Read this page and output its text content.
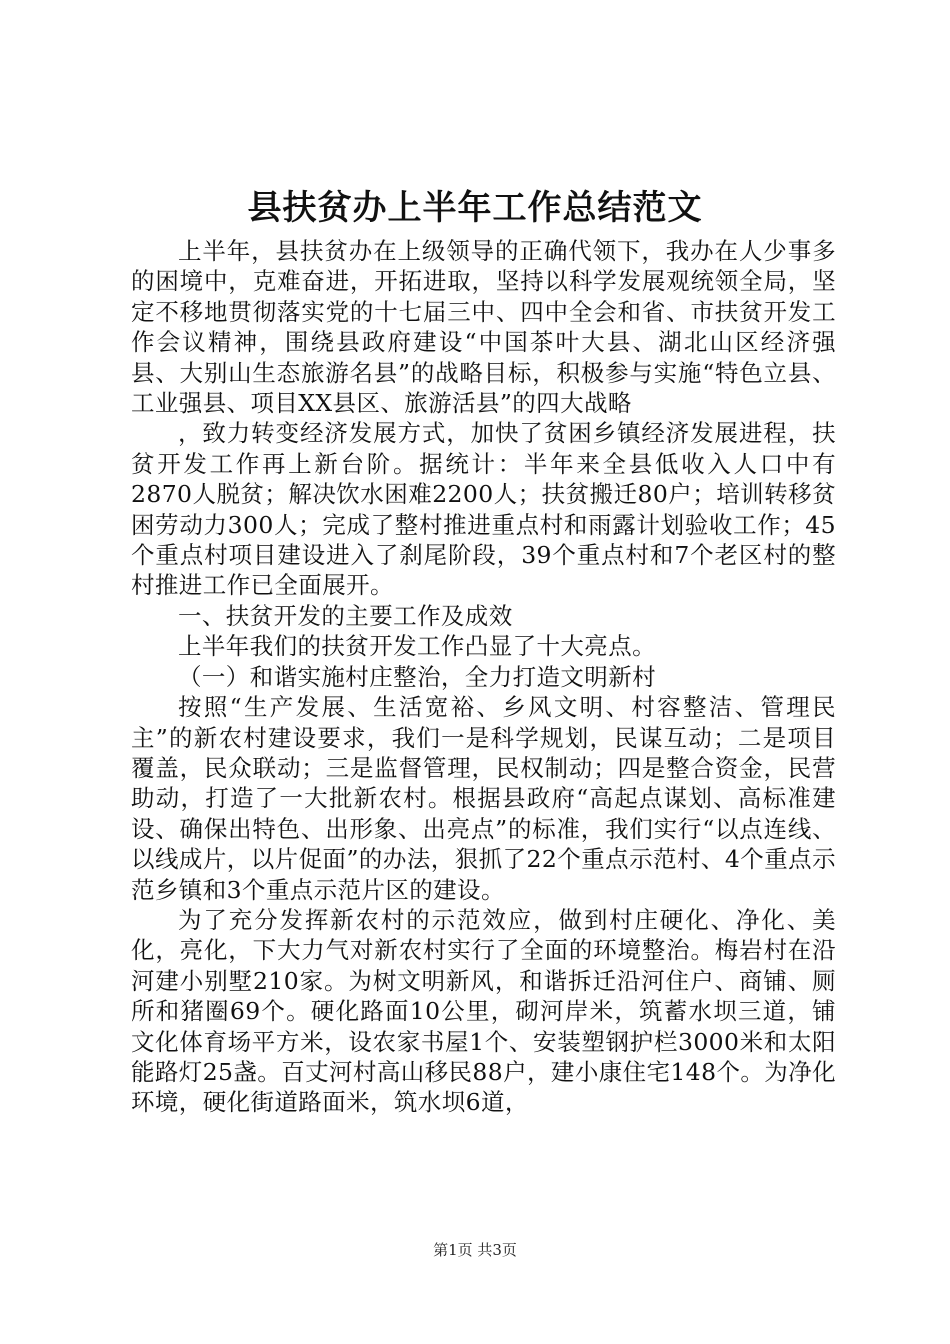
县扶贫办上半年工作总结范文

上半年，县扶贫办在上级领导的正确代领下，我办在人少事多的困境中，克难奋进，开拓进取，坚持以科学发展观统领全局，坚定不移地贯彻落实党的十七届三中、四中全会和省、市扶贫开发工作会议精神，围绕县政府建设“中国茶叶大县、湖北山区经济强县、大别山生态旅游名县”的战略目标，积极参与实施“特色立县、工业强县、项目XX县区、旅游活县”的四大战略

，致力转变经济发展方式，加快了贫困乡镇经济发展进程，扶贫开发工作再上新台阶。据统计：半年来全县低收入人口中有2870人脱贫；解决饮水困难2200人；扶贫搬迁80户；培训转移贫困劳动力300人；完成了整村推进重点村和雨露计划验收工作；45个重点村项目建设进入了刹尾阶段，39个重点村和7个老区村的整村推进工作已全面展开。

一、扶贫开发的主要工作及成效

上半年我们的扶贫开发工作凸显了十大亮点。

（一）和谐实施村庄整治，全力打造文明新村

按照“生产发展、生活宽裕、乡风文明、村容整洁、管理民主”的新农村建设要求，我们一是科学规划，民谋互动；二是项目覆盖，民众联动；三是监督管理，民权制动；四是整合资金，民营助动，打造了一大批新农村。根据县政府“高起点谋划、高标准建设、确保出特色、出形象、出亮点”的标准，我们实行“以点连线、以线成片，以片促面”的办法，狠抓了22个重点示范村、4个重点示范乡镇和3个重点示范片区的建设。

为了充分发挥新农村的示范效应，做到村庄硬化、净化、美化，亮化，下大力气对新农村实行了全面的环境整治。梅岩村在沿河建小别墅210家。为树文明新风，和谐拆迁沿河住户、商铺、厕所和猪圈69个。硬化路面10公里，砌河岸米，筑蓄水坝三道，铺文化体育场平方米，设农家书屋1个、安装塑钢护栏3000米和太阳能路灯25盏。百丈河村高山移民88户，建小康住宅148个。为净化环境，硬化街道路面米，筑水坝6道，

第1页 共3页
